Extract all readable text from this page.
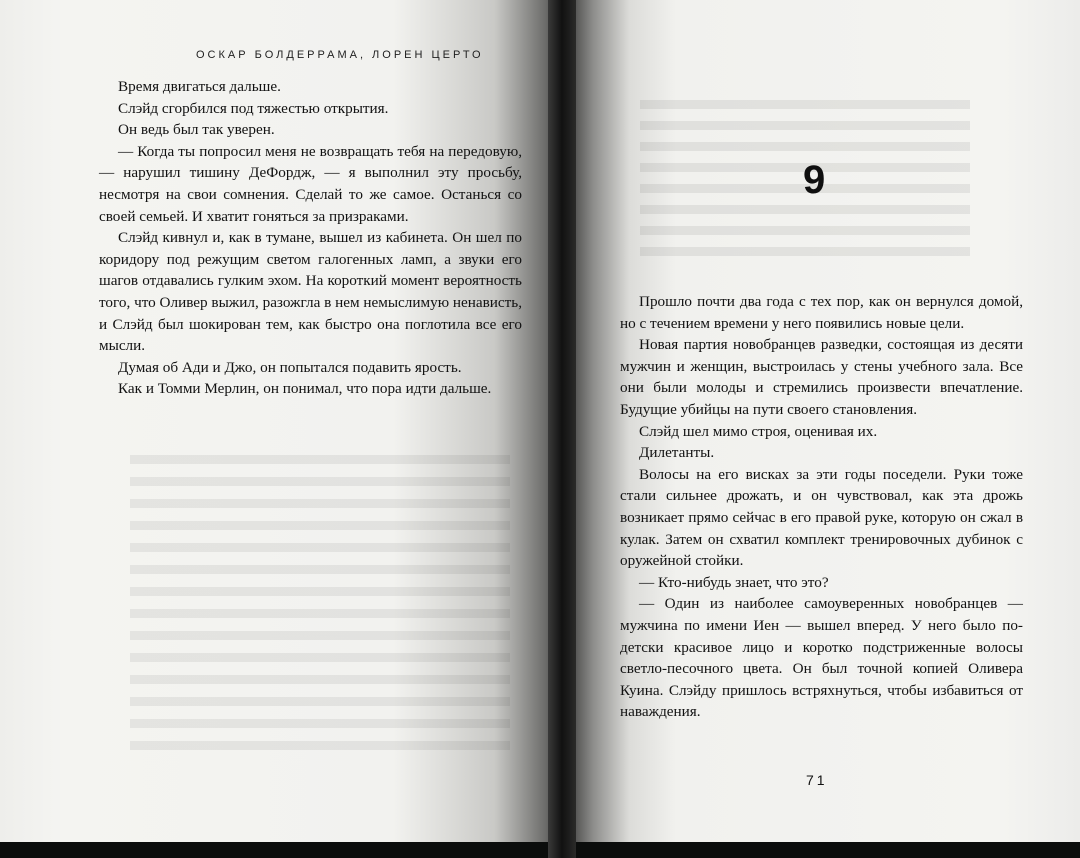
ОСКАР БОЛДЕРРАМА, ЛОРЕН ЦЕРТО

Время двигаться дальше.

Слэйд сгорбился под тяжестью открытия.

Он ведь был так уверен.

— Когда ты попросил меня не возвращать тебя на передовую, — нарушил тишину ДеФордж, — я выполнил эту просьбу, несмотря на свои сомнения. Сделай то же самое. Останься со своей семьей. И хватит гоняться за призраками.

Слэйд кивнул и, как в тумане, вышел из кабинета. Он шел по коридору под режущим светом галогенных ламп, а звуки его шагов отдавались гулким эхом. На короткий момент вероятность того, что Оливер выжил, разожгла в нем немыслимую ненависть, и Слэйд был шокирован тем, как быстро она поглотила все его мысли.

Думая об Ади и Джо, он попытался подавить ярость.

Как и Томми Мерлин, он понимал, что пора идти дальше.

9

Прошло почти два года с тех пор, как он вернулся домой, но с течением времени у него появились новые цели.

Новая партия новобранцев разведки, состоящая из десяти мужчин и женщин, выстроилась у стены учебного зала. Все они были молоды и стремились произвести впечатление. Будущие убийцы на пути своего становления.

Слэйд шел мимо строя, оценивая их.

Дилетанты.

Волосы на его висках за эти годы поседели. Руки тоже стали сильнее дрожать, и он чувствовал, как эта дрожь возникает прямо сейчас в его правой руке, которую он сжал в кулак. Затем он схватил комплект тренировочных дубинок с оружейной стойки.

— Кто-нибудь знает, что это?

— Один из наиболее самоуверенных новобранцев — мужчина по имени Иен — вышел вперед. У него было по-детски красивое лицо и коротко подстриженные волосы светло-песочного цвета. Он был точной копией Оливера Куина. Слэйду пришлось встряхнуться, чтобы избавиться от наваждения.

71
